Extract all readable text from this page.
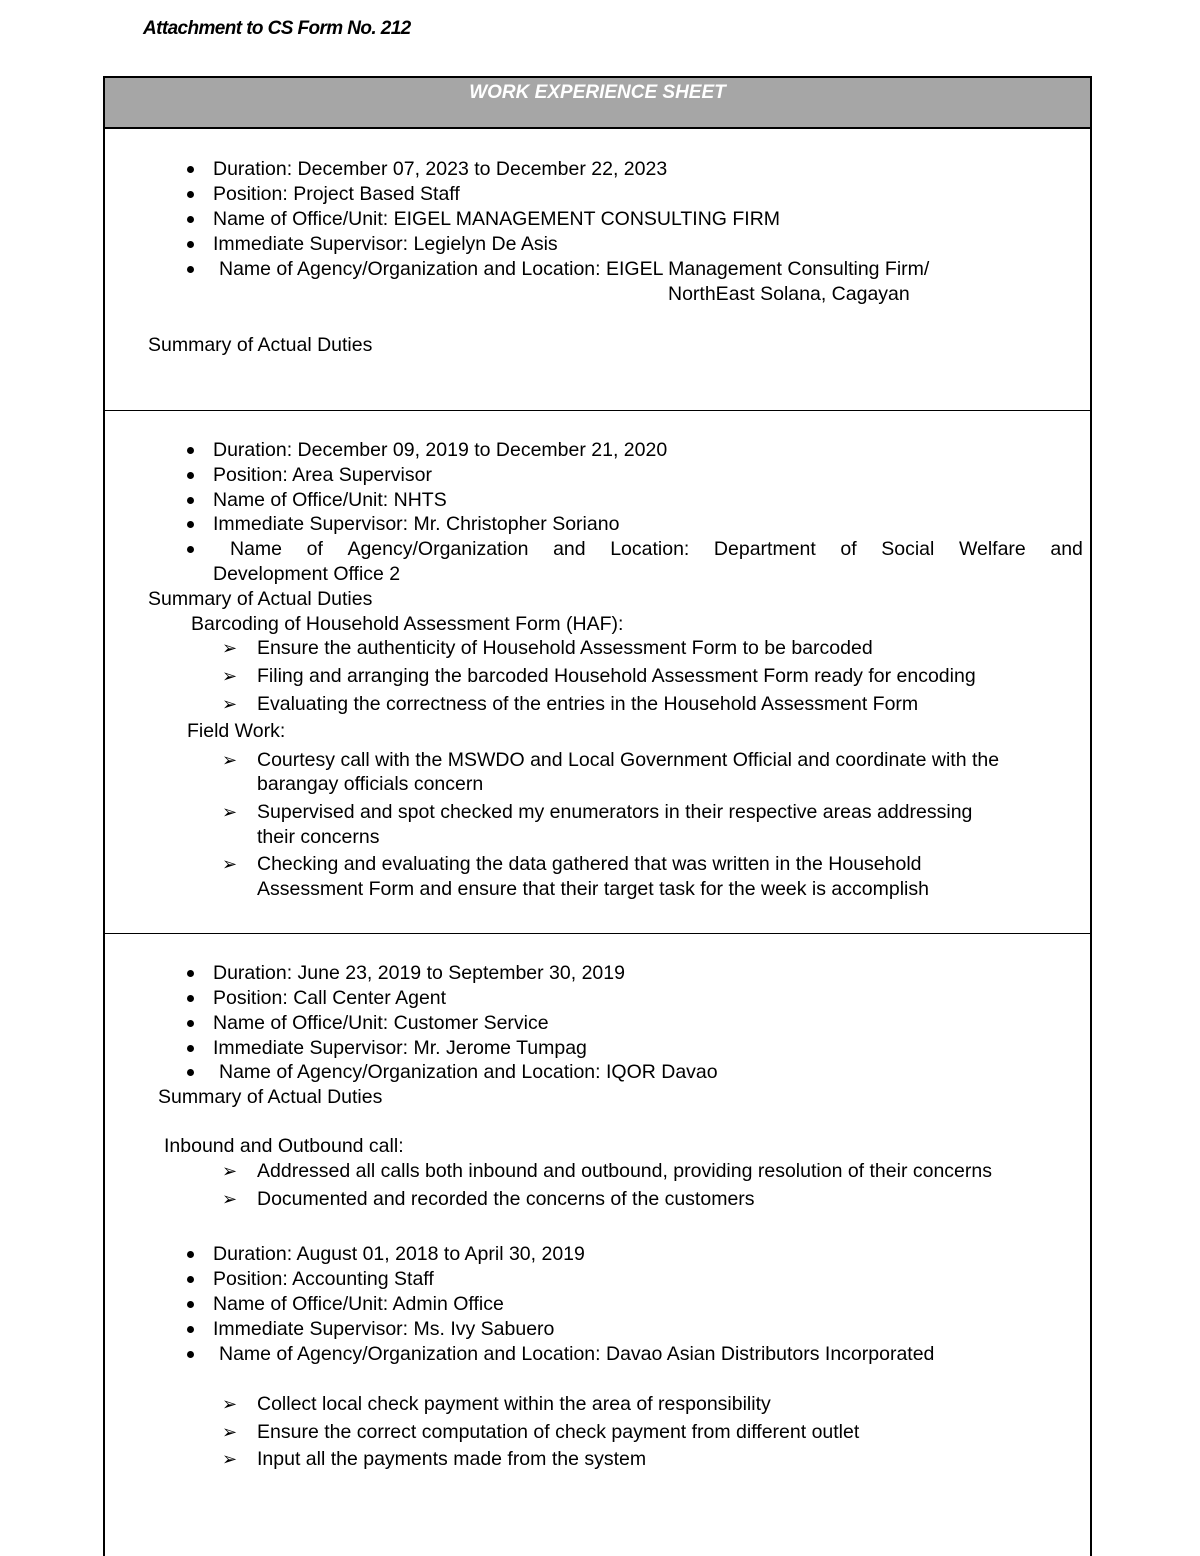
Attachment to CS Form No. 212
WORK EXPERIENCE SHEET
Duration: December 07, 2023 to December 22, 2023
Position: Project Based Staff
Name of Office/Unit: EIGEL MANAGEMENT CONSULTING FIRM
Immediate Supervisor: Legielyn De Asis
Name of Agency/Organization and Location: EIGEL Management Consulting Firm/
NorthEast Solana, Cagayan
Summary of Actual Duties
Duration: December 09, 2019 to December 21, 2020
Position: Area Supervisor
Name of Office/Unit: NHTS
Immediate Supervisor: Mr. Christopher Soriano
Name of Agency/Organization and Location: Department of Social Welfare and
Development Office 2
Summary of Actual Duties
Barcoding of Household Assessment Form (HAF):
➢ Ensure the authenticity of Household Assessment Form to be barcoded
➢ Filing and arranging the barcoded Household Assessment Form ready for encoding
➢ Evaluating the correctness of the entries in the Household Assessment Form
Field Work:
➢ Courtesy call with the MSWDO and Local Government Official and coordinate with the
barangay officials concern
➢ Supervised and spot checked my enumerators in their respective areas addressing
their concerns
➢ Checking and evaluating the data gathered that was written in the Household
Assessment Form and ensure that their target task for the week is accomplish
Duration: June 23, 2019 to September 30, 2019
Position: Call Center Agent
Name of Office/Unit: Customer Service
Immediate Supervisor: Mr. Jerome Tumpag
Name of Agency/Organization and Location: IQOR Davao
Summary of Actual Duties
Inbound and Outbound call:
➢ Addressed all calls both inbound and outbound, providing resolution of their concerns
➢ Documented and recorded the concerns of the customers
Duration: August 01, 2018 to April 30, 2019
Position: Accounting Staff
Name of Office/Unit: Admin Office
Immediate Supervisor: Ms. Ivy Sabuero
Name of Agency/Organization and Location: Davao Asian Distributors Incorporated
➢ Collect local check payment within the area of responsibility
➢ Ensure the correct computation of check payment from different outlet
➢ Input all the payments made from the system
